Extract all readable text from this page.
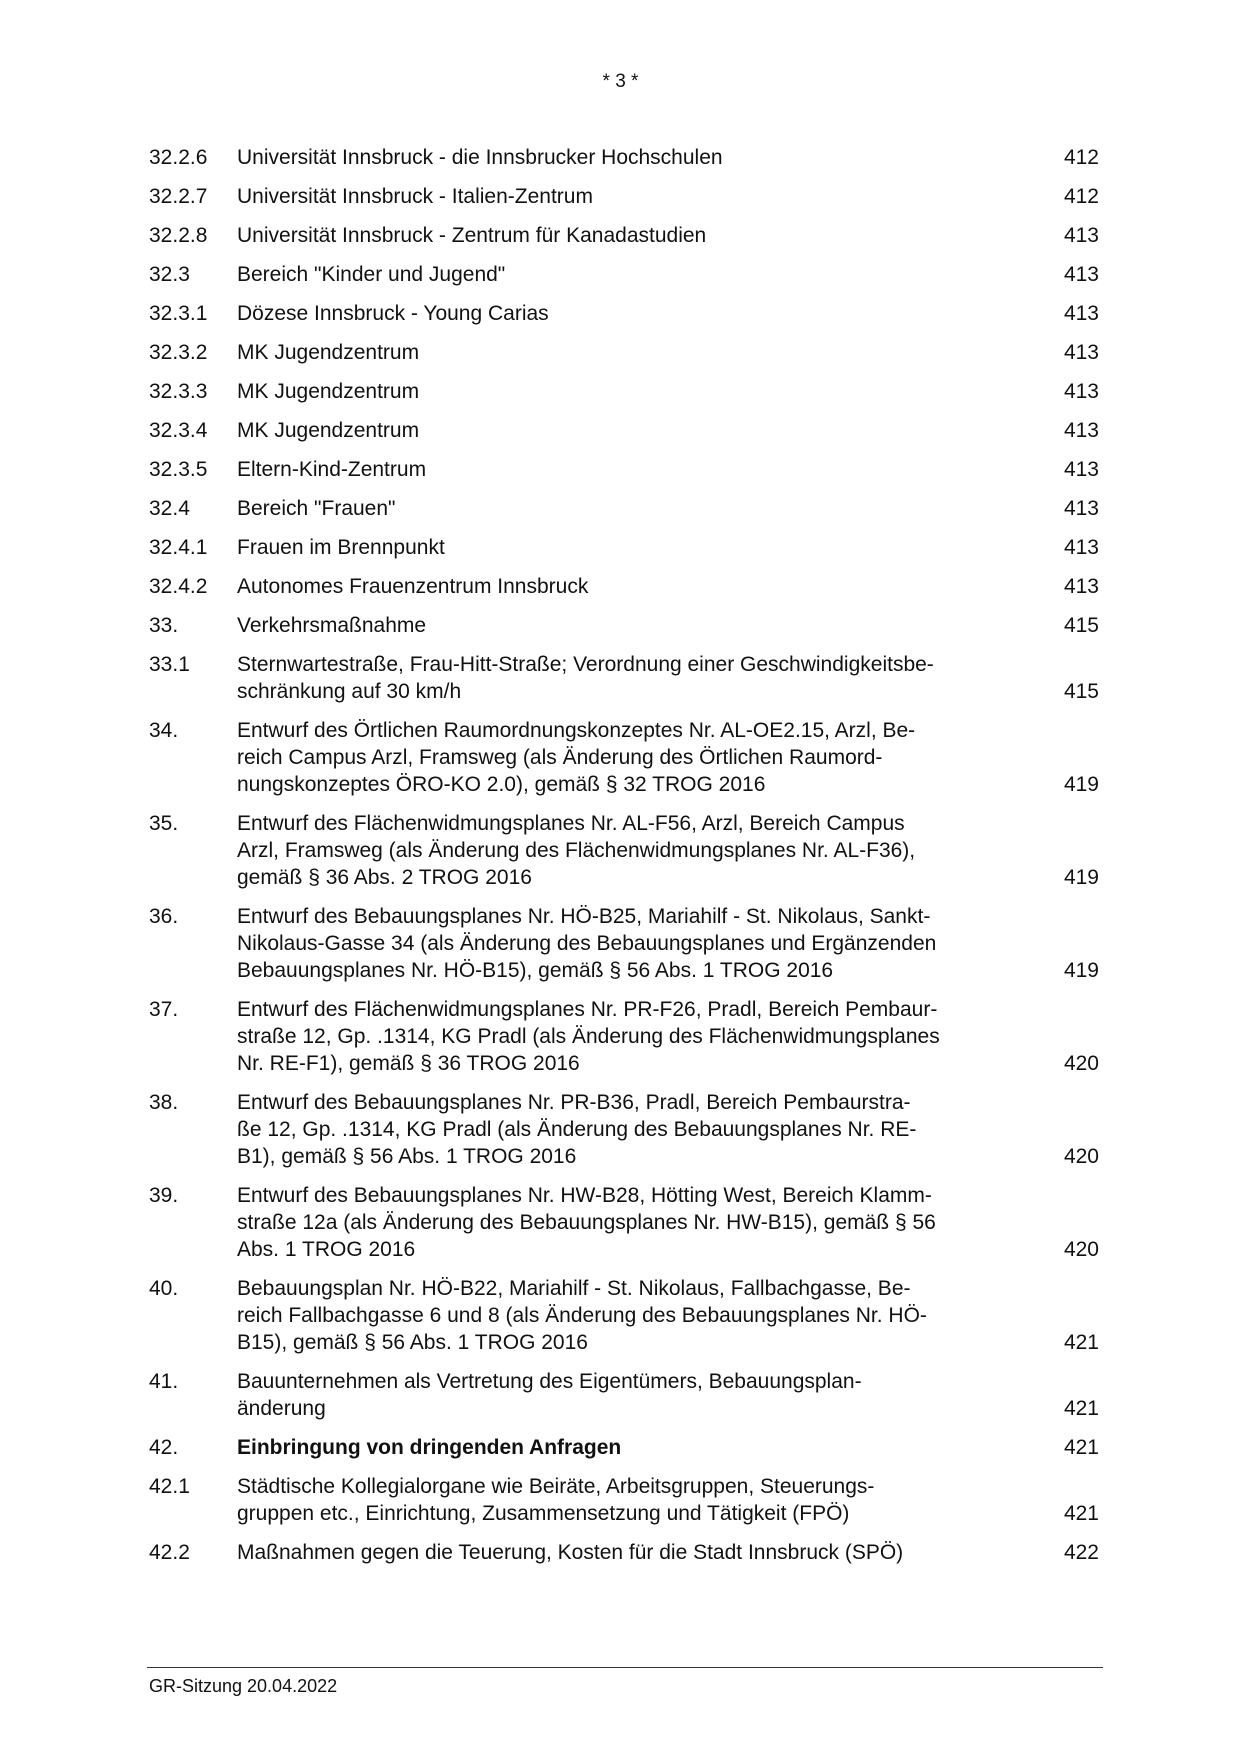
* 3 *
32.2.6	Universität Innsbruck - die Innsbrucker Hochschulen	412
32.2.7	Universität Innsbruck - Italien-Zentrum	412
32.2.8	Universität Innsbruck - Zentrum für Kanadastudien	413
32.3	Bereich "Kinder und Jugend"	413
32.3.1	Dözese Innsbruck - Young Carias	413
32.3.2	MK Jugendzentrum	413
32.3.3	MK Jugendzentrum	413
32.3.4	MK Jugendzentrum	413
32.3.5	Eltern-Kind-Zentrum	413
32.4	Bereich "Frauen"	413
32.4.1	Frauen im Brennpunkt	413
32.4.2	Autonomes Frauenzentrum Innsbruck	413
33.	Verkehrsmaßnahme	415
33.1	Sternwartestraße, Frau-Hitt-Straße; Verordnung einer Geschwindigkeitsbe-
schränkung auf 30 km/h	415
34.	Entwurf des Örtlichen Raumordnungskonzeptes Nr. AL-OE2.15, Arzl, Be-
reich Campus Arzl, Framsweg (als Änderung des Örtlichen Raumord-
nungskonzeptes ÖRO-KO 2.0), gemäß § 32 TROG 2016	419
35.	Entwurf des Flächenwidmungsplanes Nr. AL-F56, Arzl, Bereich Campus
Arzl, Framsweg (als Änderung des Flächenwidmungsplanes Nr. AL-F36),
gemäß § 36 Abs. 2 TROG 2016	419
36.	Entwurf des Bebauungsplanes Nr. HÖ-B25, Mariahilf - St. Nikolaus, Sankt-
Nikolaus-Gasse 34 (als Änderung des Bebauungsplanes und Ergänzenden
Bebauungsplanes Nr. HÖ-B15), gemäß § 56 Abs. 1 TROG 2016	419
37.	Entwurf des Flächenwidmungsplanes Nr. PR-F26, Pradl, Bereich Pembaur-
straße 12, Gp. .1314, KG Pradl (als Änderung des Flächenwidmungsplanes
Nr. RE-F1), gemäß § 36 TROG 2016	420
38.	Entwurf des Bebauungsplanes Nr. PR-B36, Pradl, Bereich Pembaurstra-
ße 12, Gp. .1314, KG Pradl (als Änderung des Bebauungsplanes Nr. RE-
B1), gemäß § 56 Abs. 1 TROG 2016	420
39.	Entwurf des Bebauungsplanes Nr. HW-B28, Hötting West, Bereich Klamm-
straße 12a (als Änderung des Bebauungsplanes Nr. HW-B15), gemäß § 56
Abs. 1 TROG 2016	420
40.	Bebauungsplan Nr. HÖ-B22, Mariahilf - St. Nikolaus, Fallbachgasse, Be-
reich Fallbachgasse 6 und 8 (als Änderung des Bebauungsplanes Nr. HÖ-
B15), gemäß § 56 Abs. 1 TROG 2016	421
41.	Bauunternehmen als Vertretung des Eigentümers, Bebauungsplan-
änderung	421
42.	Einbringung von dringenden Anfragen	421
42.1	Städtische Kollegialorgane wie Beiräte, Arbeitsgruppen, Steuerungs-
gruppen etc., Einrichtung, Zusammensetzung und Tätigkeit (FPÖ)	421
42.2	Maßnahmen gegen die Teuerung, Kosten für die Stadt Innsbruck (SPÖ)	422
GR-Sitzung 20.04.2022
